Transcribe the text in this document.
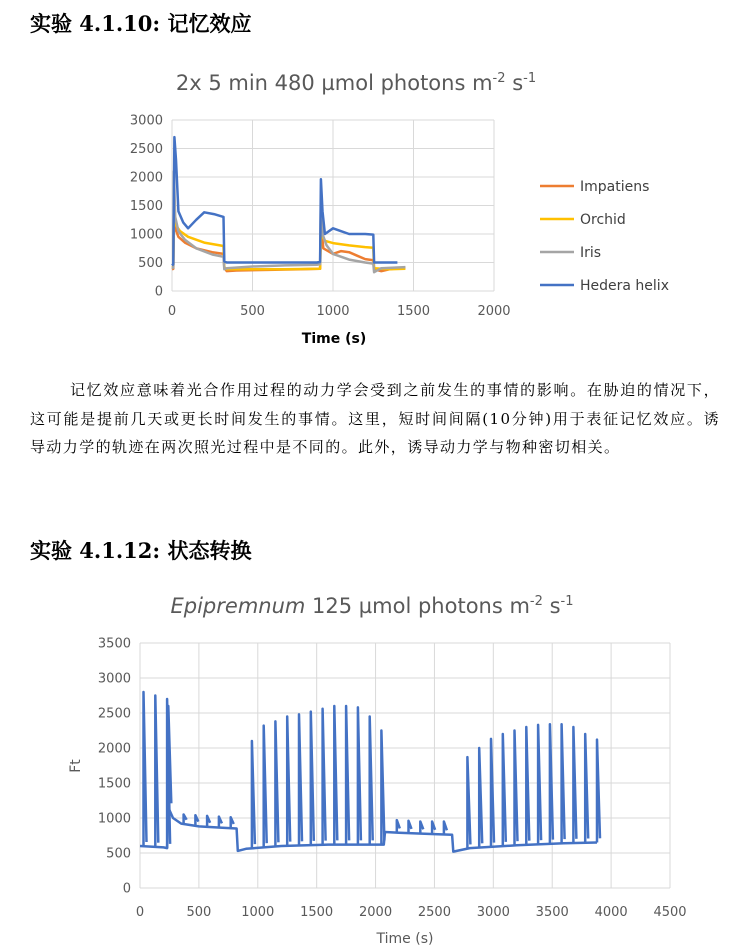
实验 4.1.10: 记忆效应
2x 5 min 480 µmol photons $m^{-2}$ $s^{-1}$
0
500
1000
1500
2000
2500
3000
0	500	1000	1500	2000
Impatiens
Orchid
Iris
Hedera helix
Time (s)
记忆效应意味着光合作用过程的动力学会受到之前发生的事情的影响。在胁迫的情况下，这可能是提前几天或更长时间发生的事情。这里，短时间间隔(10分钟)用于表征记忆效应。诱导动力学的轨迹在两次照光过程中是不同的。此外，诱导动力学与物种密切相关。
实验 4.1.12: 状态转换
Epipremnum 125 µmol photons $m^{-2}$ $s^{-1}$
0
500
1000
1500
2000
2500
3000
3500
0	500 1000 1500 2000 2500 3000 3500 4000 4500
Time (s)
Ft
